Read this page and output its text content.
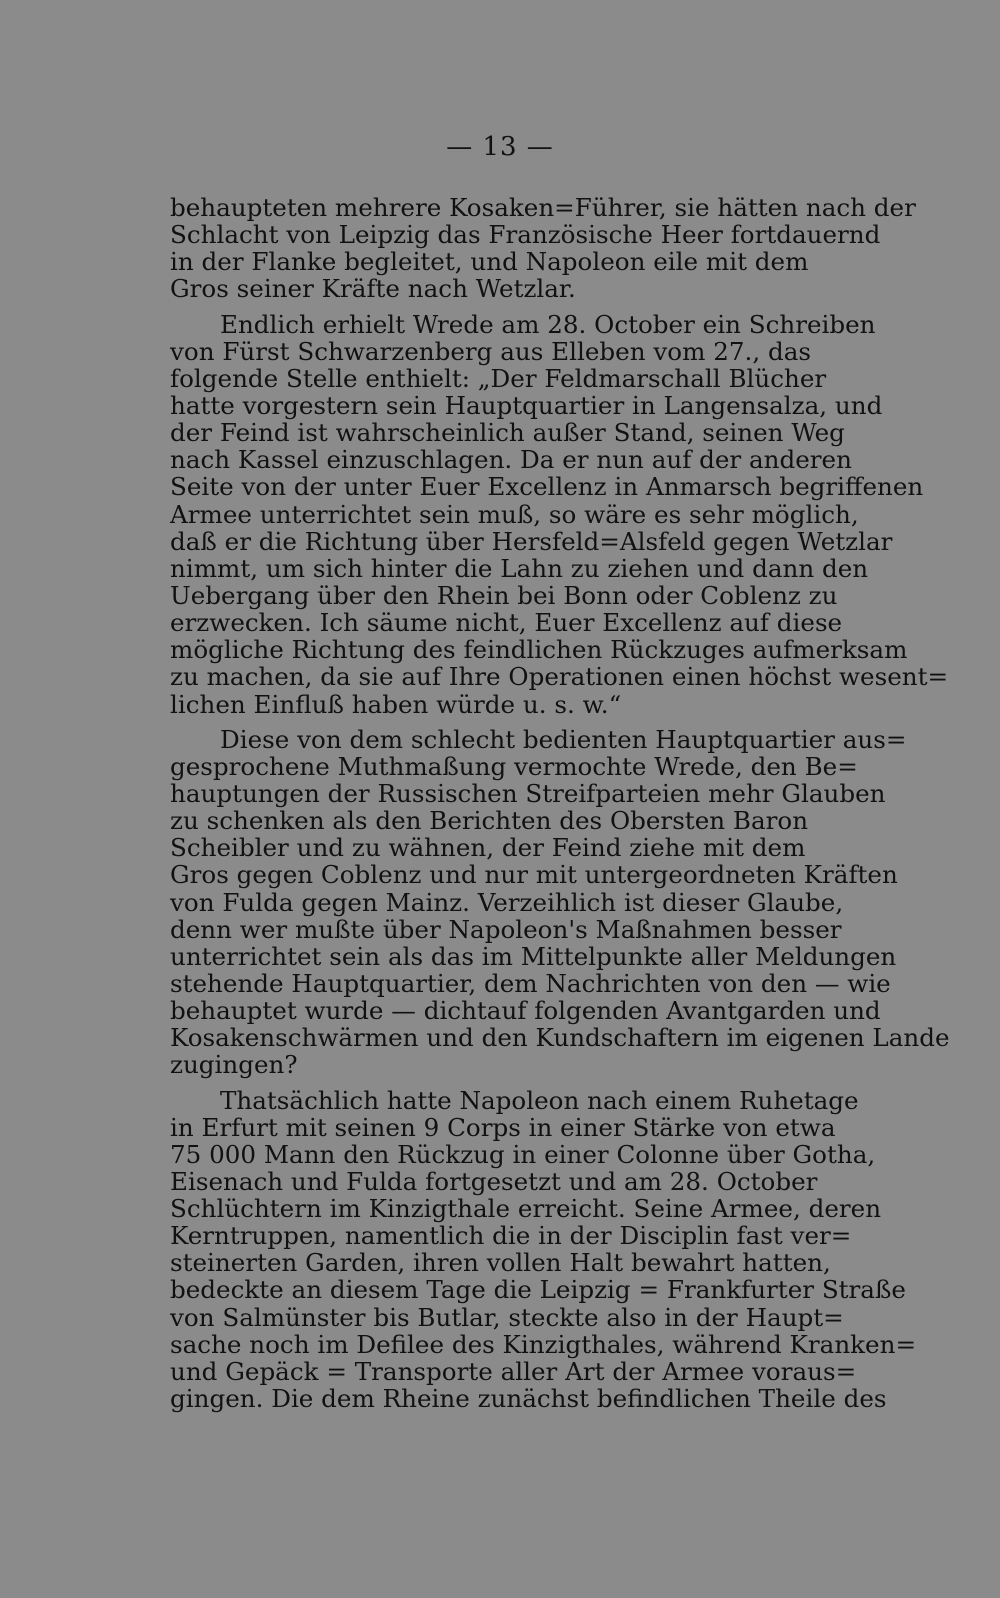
— 13 —
behaupteten mehrere Kosaken=Führer, sie hätten nach der
Schlacht von Leipzig das Französische Heer fortdauernd
in der Flanke begleitet, und Napoleon eile mit dem
Gros seiner Kräfte nach Wetzlar.
Endlich erhielt Wrede am 28. October ein Schreiben
von Fürst Schwarzenberg aus Elleben vom 27., das
folgende Stelle enthielt: „Der Feldmarschall Blücher
hatte vorgestern sein Hauptquartier in Langensalza, und
der Feind ist wahrscheinlich außer Stand, seinen Weg
nach Kassel einzuschlagen. Da er nun auf der anderen
Seite von der unter Euer Excellenz in Anmarsch begriffenen
Armee unterrichtet sein muß, so wäre es sehr möglich,
daß er die Richtung über Hersfeld=Alsfeld gegen Wetzlar
nimmt, um sich hinter die Lahn zu ziehen und dann den
Uebergang über den Rhein bei Bonn oder Coblenz zu
erzwecken. Ich säume nicht, Euer Excellenz auf diese
mögliche Richtung des feindlichen Rückzuges aufmerksam
zu machen, da sie auf Ihre Operationen einen höchst wesent=
lichen Einfluß haben würde u. s. w.“
Diese von dem schlecht bedienten Hauptquartier aus=
gesprochene Muthmaßung vermochte Wrede, den Be=
hauptungen der Russischen Streifparteien mehr Glauben
zu schenken als den Berichten des Obersten Baron
Scheibler und zu wähnen, der Feind ziehe mit dem
Gros gegen Coblenz und nur mit untergeordneten Kräften
von Fulda gegen Mainz. Verzeihlich ist dieser Glaube,
denn wer mußte über Napoleon's Maßnahmen besser
unterrichtet sein als das im Mittelpunkte aller Meldungen
stehende Hauptquartier, dem Nachrichten von den — wie
behauptet wurde — dichtauf folgenden Avantgarden und
Kosakenschwärmen und den Kundschaftern im eigenen Lande
zugingen?
Thatsächlich hatte Napoleon nach einem Ruhetage
in Erfurt mit seinen 9 Corps in einer Stärke von etwa
75 000 Mann den Rückzug in einer Colonne über Gotha,
Eisenach und Fulda fortgesetzt und am 28. October
Schlüchtern im Kinzigthale erreicht. Seine Armee, deren
Kerntruppen, namentlich die in der Disciplin fast ver=
steinerten Garden, ihren vollen Halt bewahrt hatten,
bedeckte an diesem Tage die Leipzig = Frankfurter Straße
von Salmünster bis Butlar, steckte also in der Haupt=
sache noch im Defilee des Kinzigthales, während Kranken=
und Gepäck = Transporte aller Art der Armee voraus=
gingen. Die dem Rheine zunächst befindlichen Theile des
